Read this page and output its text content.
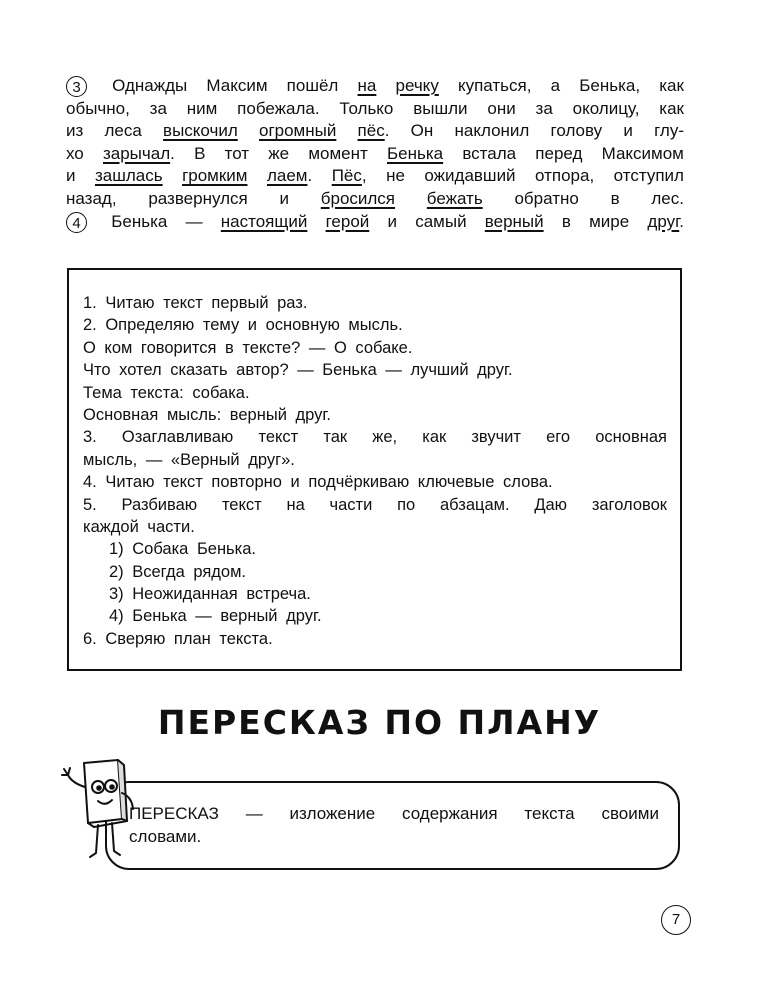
3	Однажды Максим пошёл на речку купаться, а Бенька, как
обычно, за ним побежала. Только вышли они за околицу, как
из леса выскочил огромный пёс. Он наклонил голову и глу-
хо зарычал. В тот же момент Бенька встала перед Максимом
и зашлась громким лаем. Пёс, не ожидавший отпора, отступил
назад, развернулся и бросился бежать обратно в лес.
4	Бенька — настоящий герой и самый верный в мире друг.
1. Читаю текст первый раз.
2. Определяю тему и основную мысль.
О ком говорится в тексте? — О собаке.
Что хотел сказать автор? — Бенька — лучший друг.
Тема текста: собака.
Основная мысль: верный друг.
3. Озаглавливаю текст так же, как звучит его основная
мысль, — «Верный друг».
4. Читаю текст повторно и подчёркиваю ключевые слова.
5. Разбиваю текст на части по абзацам. Даю заголовок
каждой части.
1) Собака Бенька.
2) Всегда рядом.
3) Неожиданная встреча.
4) Бенька — верный друг.
6. Сверяю план текста.
ПЕРЕСКАЗ ПО ПЛАНУ
ПЕРЕСКАЗ — изложение содержания текста своими
словами.
7
